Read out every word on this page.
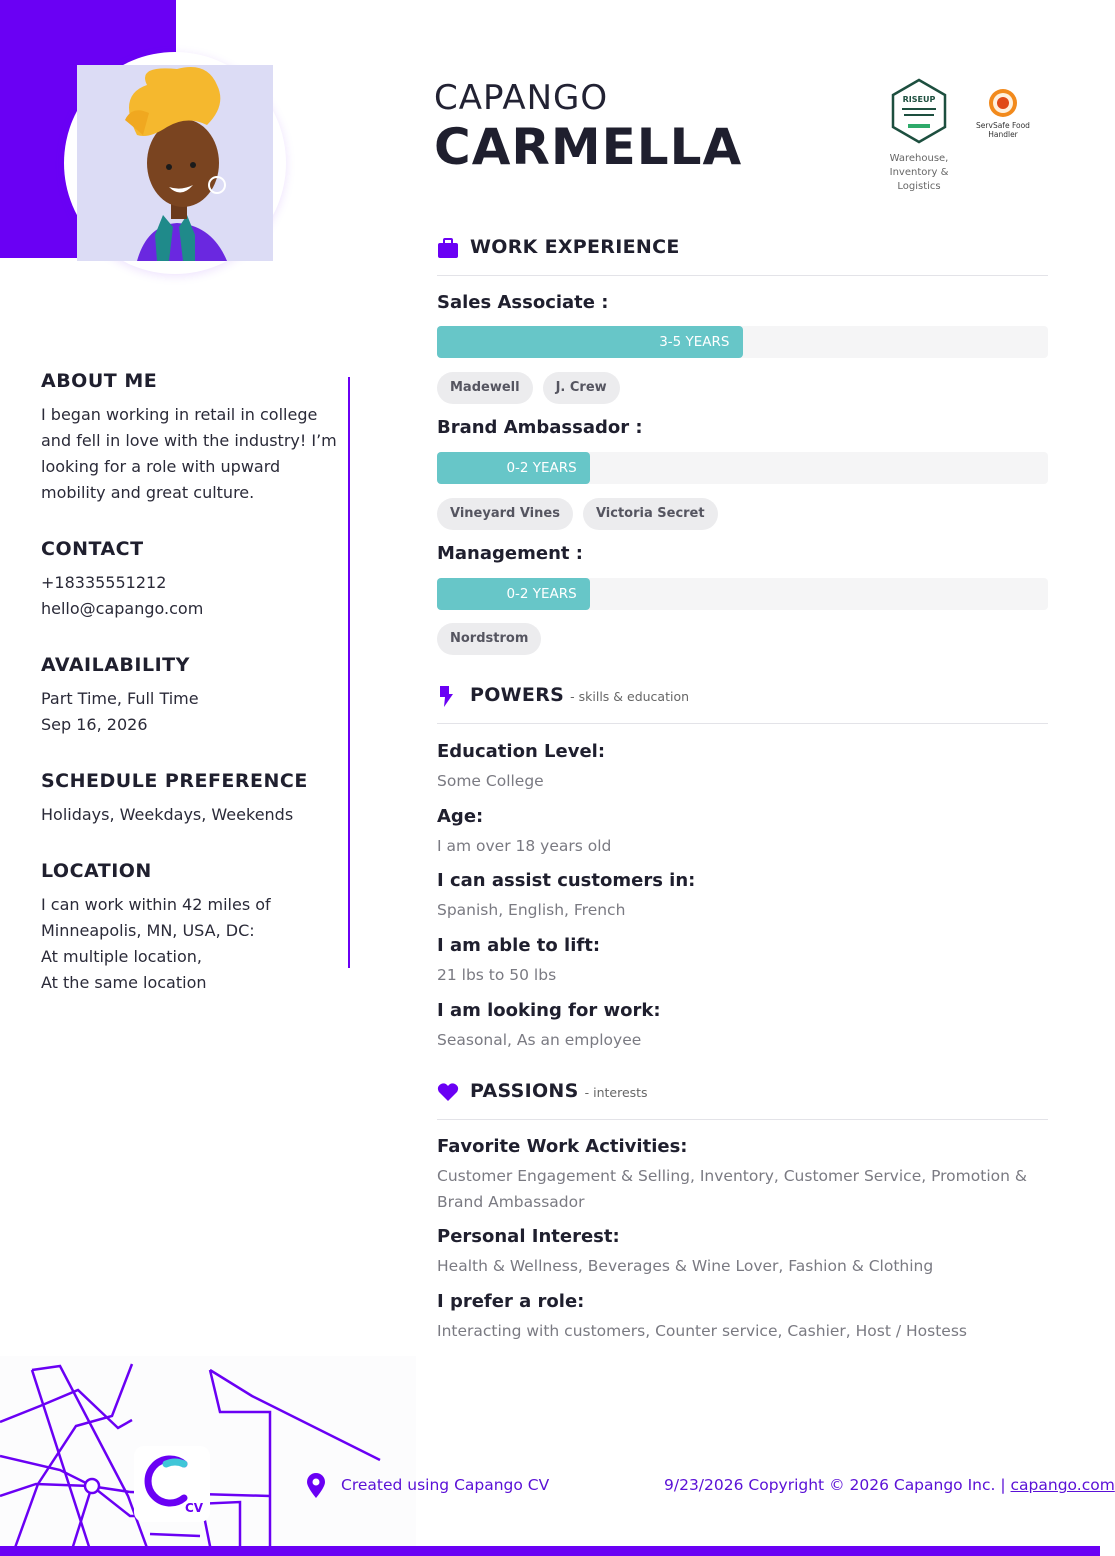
CAPANGO
CARMELLA
RISEUP
Warehouse, Inventory & Logistics
ServSafe Food Handler
ABOUT ME

I began working in retail in college and fell in love with the industry! I’m looking for a role with upward mobility and great culture.

CONTACT

+18335551212

hello@capango.com

AVAILABILITY

Part Time, Full Time

Sep 16, 2026

SCHEDULE PREFERENCE

Holidays, Weekdays, Weekends

LOCATION

I can work within 42 miles of

Minneapolis, MN, USA, DC:

At multiple location,

At the same location

WORK EXPERIENCE
Sales Associate :
3-5 YEARS
Madewell	J. Crew
Brand Ambassador :
0-2 YEARS
Vineyard Vines	Victoria Secret
Management :
0-2 YEARS
Nordstrom
POWERS - skills & education
Education Level:
Some College
Age:
I am over 18 years old
I can assist customers in:
Spanish, English, French
I am able to lift:
21 lbs to 50 lbs
I am looking for work:
Seasonal, As an employee
PASSIONS - interests
Favorite Work Activities:
Customer Engagement & Selling, Inventory, Customer Service, Promotion & Brand Ambassador
Personal Interest:
Health & Wellness, Beverages & Wine Lover, Fashion & Clothing
I prefer a role:
Interacting with customers, Counter service, Cashier, Host / Hostess
CV
Created using Capango CV	9/23/2026 Copyright © 2026 Capango Inc. | capango.com
